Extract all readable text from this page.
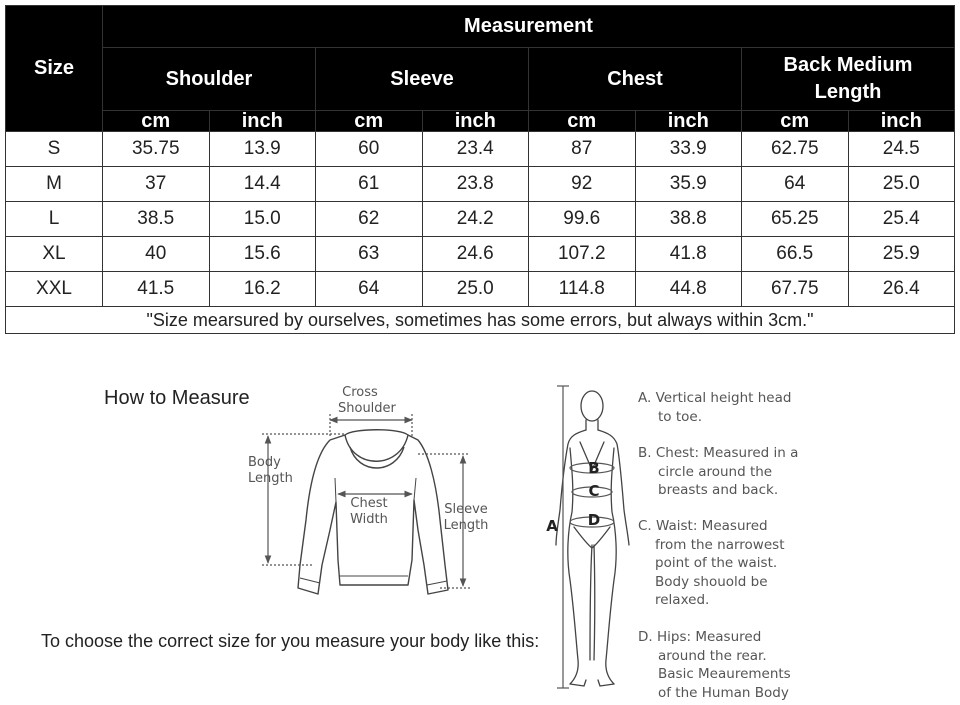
Size	Measurement							
	Shoulder		Sleeve		Chest		Back Medium Length	
	cm	inch	cm	inch	cm	inch	cm	inch
S	35.75	13.9	60	23.4	87	33.9	62.75	24.5
M	37	14.4	61	23.8	92	35.9	64	25.0
L	38.5	15.0	62	24.2	99.6	38.8	65.25	25.4
XL	40	15.6	63	24.6	107.2	41.8	66.5	25.9
XXL	41.5	16.2	64	25.0	114.8	44.8	67.75	26.4
"Size mearsured by ourselves, sometimes has some errors, but always within 3cm."								
How to Measure
To choose the correct size for you measure your body like this:
Cross
Shoulder
Body
Length
Chest
Width
Sleeve
Length	A
B
C
D
A. Vertical height head
to toe.
B. Chest: Measured in a
circle around the
breasts and back.
C. Waist: Measured
from the narrowest
point of the waist.
Body shouold be
relaxed.
D. Hips: Measured
around the rear.
Basic Meaurements
of the Human Body
